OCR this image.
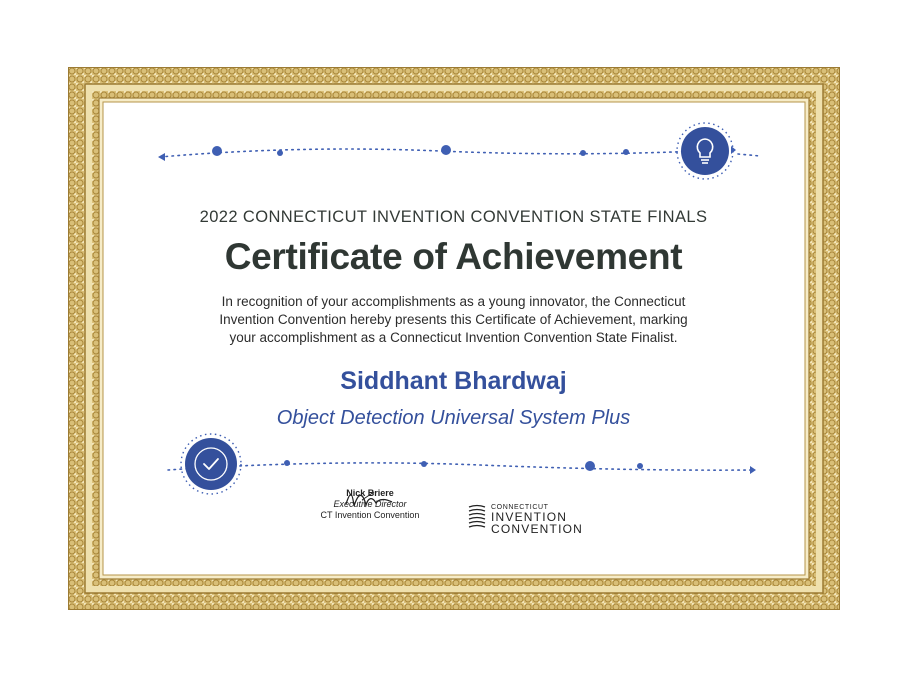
2022 CONNECTICUT INVENTION CONVENTION STATE FINALS
Certificate of Achievement
In recognition of your accomplishments as a young innovator, the Connecticut
Invention Convention hereby presents this Certificate of Achievement, marking
your accomplishment as a Connecticut Invention Convention State Finalist.
Siddhant Bhardwaj
Object Detection Universal System Plus
Nick Briere
Executive Director
CT Invention Convention
CONNECTICUT
INVENTION
CONVENTION
